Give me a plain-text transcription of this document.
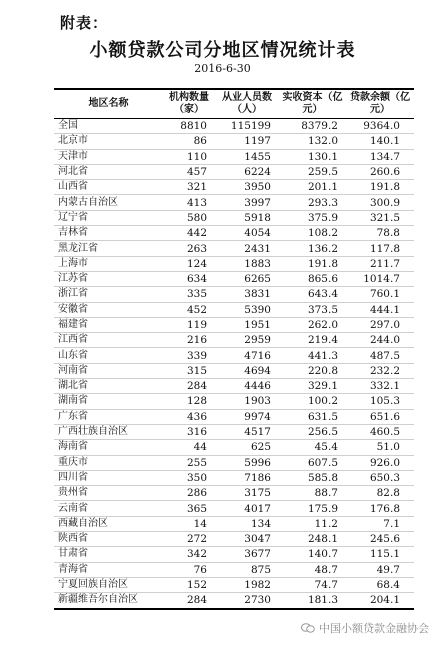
附表：
小额贷款公司分地区情况统计表
2016-6-30
地区名称	机构数量（家）	从业人员数（人）	实收资本（亿元）	贷款余额（亿元）
全国	8810	115199	8379.2	9364.0
北京市	86	1197	132.0	140.1
天津市	110	1455	130.1	134.7
河北省	457	6224	259.5	260.6
山西省	321	3950	201.1	191.8
内蒙古自治区	413	3997	293.3	300.9
辽宁省	580	5918	375.9	321.5
吉林省	442	4054	108.2	78.8
黑龙江省	263	2431	136.2	117.8
上海市	124	1883	191.8	211.7
江苏省	634	6265	865.6	1014.7
浙江省	335	3831	643.4	760.1
安徽省	452	5390	373.5	444.1
福建省	119	1951	262.0	297.0
江西省	216	2959	219.4	244.0
山东省	339	4716	441.3	487.5
河南省	315	4694	220.8	232.2
湖北省	284	4446	329.1	332.1
湖南省	128	1903	100.2	105.3
广东省	436	9974	631.5	651.6
广西壮族自治区	316	4517	256.5	460.5
海南省	44	625	45.4	51.0
重庆市	255	5996	607.5	926.0
四川省	350	7186	585.8	650.3
贵州省	286	3175	88.7	82.8
云南省	365	4017	175.9	176.8
西藏自治区	14	134	11.2	7.1
陕西省	272	3047	248.1	245.6
甘肃省	342	3677	140.7	115.1
青海省	76	875	48.7	49.7
宁夏回族自治区	152	1982	74.7	68.4
新疆维吾尔自治区	284	2730	181.3	204.1
中国小额贷款金融协会
